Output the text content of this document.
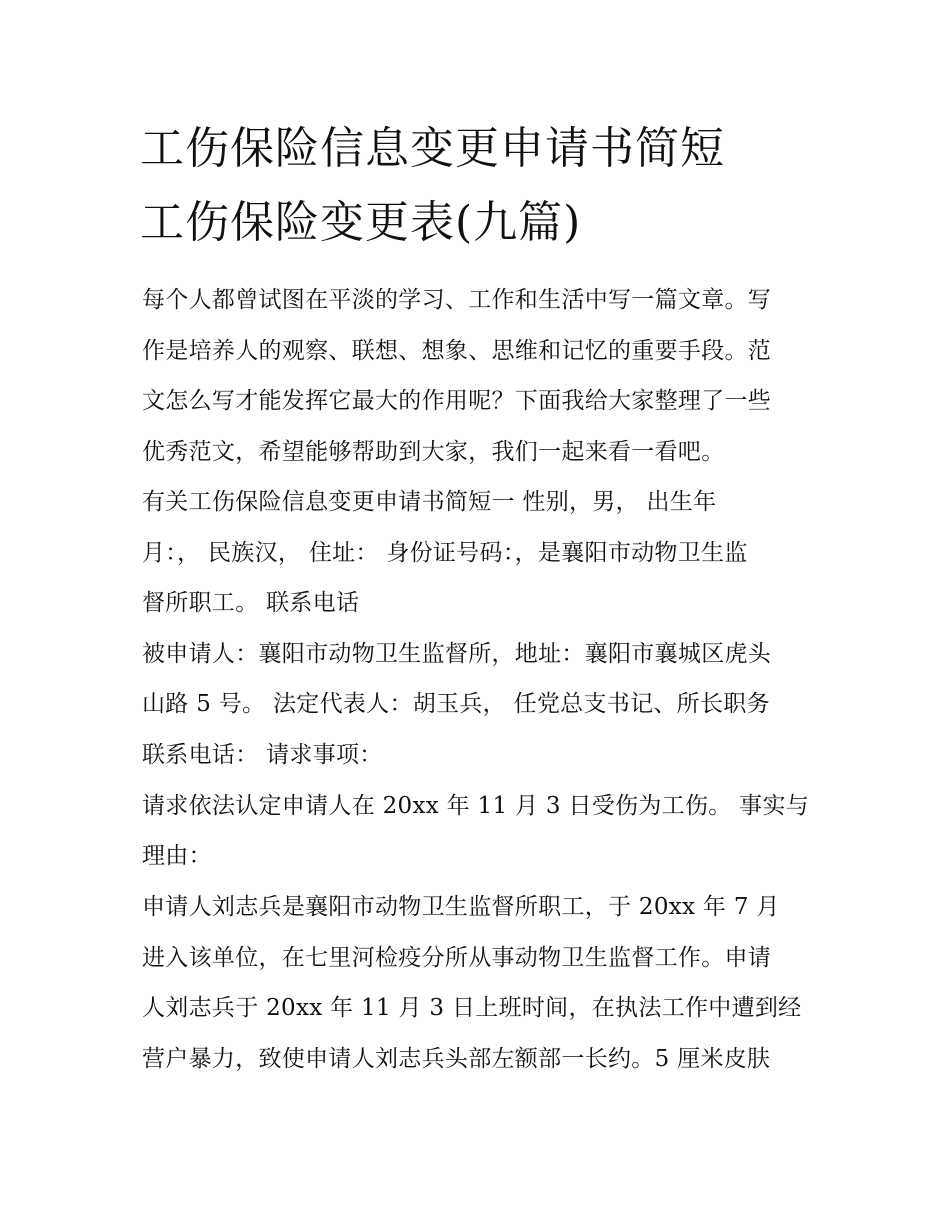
工伤保险信息变更申请书简短
工伤保险变更表(九篇)
每个人都曾试图在平淡的学习、工作和生活中写一篇文章。写
作是培养人的观察、联想、想象、思维和记忆的重要手段。范
文怎么写才能发挥它最大的作用呢？下面我给大家整理了一些
优秀范文，希望能够帮助到大家，我们一起来看一看吧。
有关工伤保险信息变更申请书简短一 性别，男， 出生年
月：， 民族汉， 住址： 身份证号码：，是襄阳市动物卫生监
督所职工。 联系电话
被申请人：襄阳市动物卫生监督所，地址：襄阳市襄城区虎头
山路 5 号。 法定代表人：胡玉兵， 任党总支书记、所长职务
联系电话： 请求事项：
请求依法认定申请人在 20xx 年 11 月 3 日受伤为工伤。 事实与
理由：
申请人刘志兵是襄阳市动物卫生监督所职工，于 20xx 年 7 月
进入该单位，在七里河检疫分所从事动物卫生监督工作。申请
人刘志兵于 20xx 年 11 月 3 日上班时间，在执法工作中遭到经
营户暴力，致使申请人刘志兵头部左额部一长约。5 厘米皮肤
